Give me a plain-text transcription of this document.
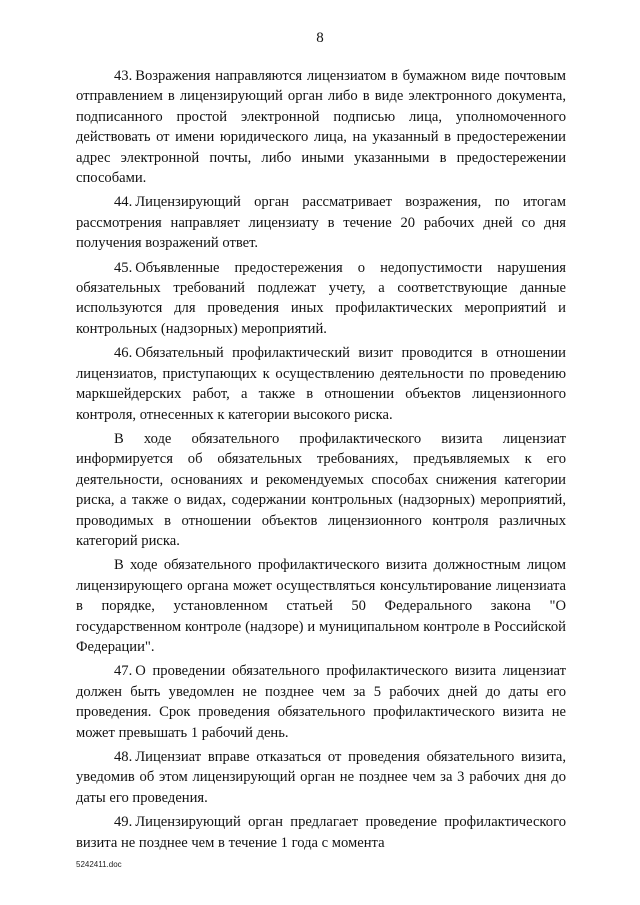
8

43. Возражения направляются лицензиатом в бумажном виде почтовым отправлением в лицензирующий орган либо в виде электронного документа, подписанного простой электронной подписью лица, уполномоченного действовать от имени юридического лица, на указанный в предостережении адрес электронной почты, либо иными указанными в предостережении способами.

44. Лицензирующий орган рассматривает возражения, по итогам рассмотрения направляет лицензиату в течение 20 рабочих дней со дня получения возражений ответ.

45. Объявленные предостережения о недопустимости нарушения обязательных требований подлежат учету, а соответствующие данные используются для проведения иных профилактических мероприятий и контрольных (надзорных) мероприятий.

46. Обязательный профилактический визит проводится в отношении лицензиатов, приступающих к осуществлению деятельности по проведению маркшейдерских работ, а также в отношении объектов лицензионного контроля, отнесенных к категории высокого риска.

В ходе обязательного профилактического визита лицензиат информируется об обязательных требованиях, предъявляемых к его деятельности, основаниях и рекомендуемых способах снижения категории риска, а также о видах, содержании контрольных (надзорных) мероприятий, проводимых в отношении объектов лицензионного контроля различных категорий риска.

В ходе обязательного профилактического визита должностным лицом лицензирующего органа может осуществляться консультирование лицензиата в порядке, установленном статьей 50 Федерального закона "О государственном контроле (надзоре) и муниципальном контроле в Российской Федерации".

47. О проведении обязательного профилактического визита лицензиат должен быть уведомлен не позднее чем за 5 рабочих дней до даты его проведения. Срок проведения обязательного профилактического визита не может превышать 1 рабочий день.

48. Лицензиат вправе отказаться от проведения обязательного визита, уведомив об этом лицензирующий орган не позднее чем за 3 рабочих дня до даты его проведения.

49. Лицензирующий орган предлагает проведение профилактического визита не позднее чем в течение 1 года с момента

5242411.doc
